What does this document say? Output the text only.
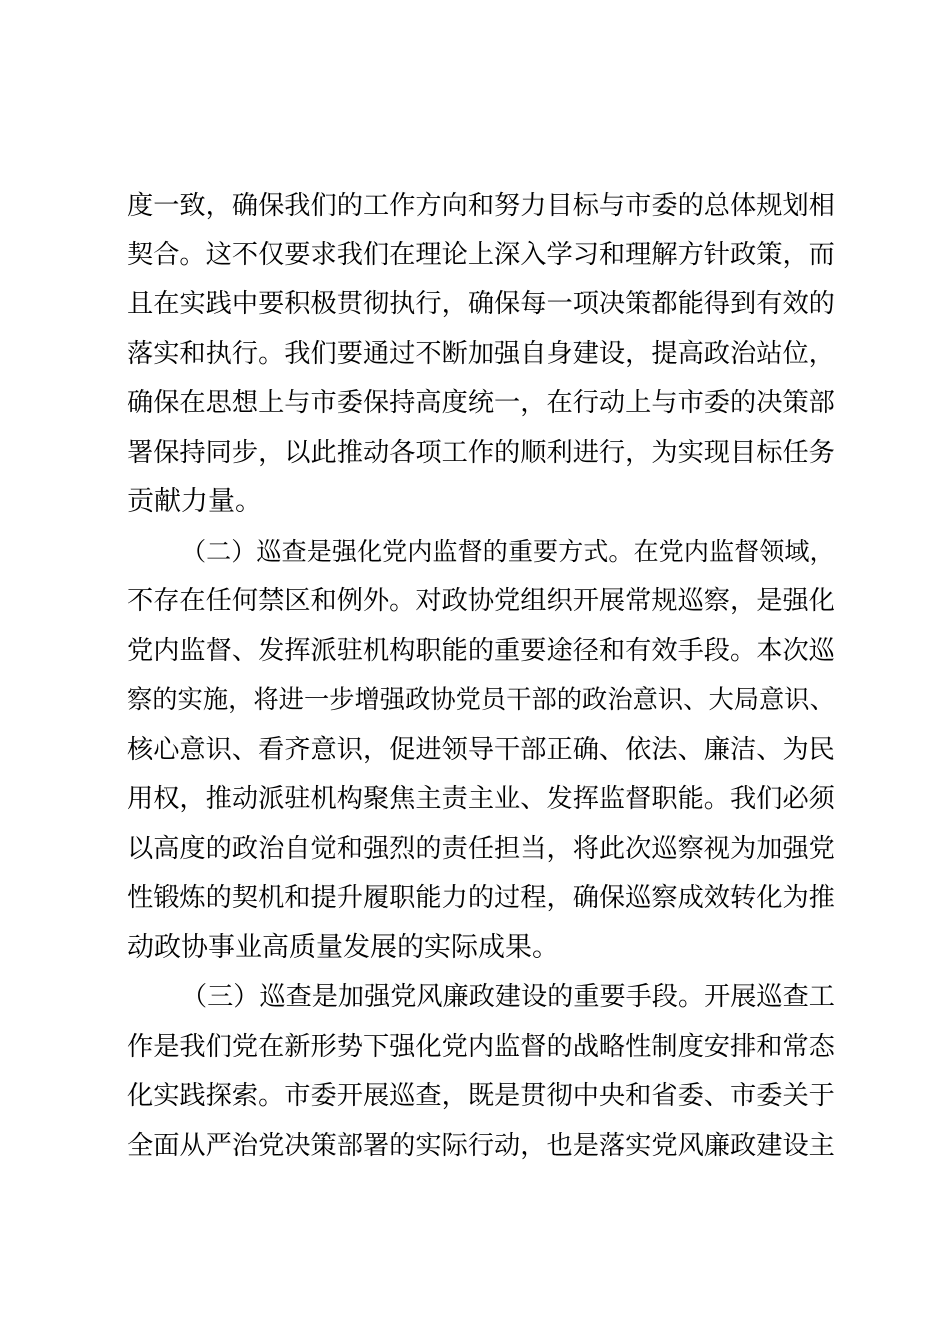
度一致，确保我们的工作方向和努力目标与市委的总体规划相
契合。这不仅要求我们在理论上深入学习和理解方针政策，而
且在实践中要积极贯彻执行，确保每一项决策都能得到有效的
落实和执行。我们要通过不断加强自身建设，提高政治站位，
确保在思想上与市委保持高度统一，在行动上与市委的决策部
署保持同步，以此推动各项工作的顺利进行，为实现目标任务
贡献力量。
（二）巡查是强化党内监督的重要方式。在党内监督领域，
不存在任何禁区和例外。对政协党组织开展常规巡察，是强化
党内监督、发挥派驻机构职能的重要途径和有效手段。本次巡
察的实施，将进一步增强政协党员干部的政治意识、大局意识、
核心意识、看齐意识，促进领导干部正确、依法、廉洁、为民
用权，推动派驻机构聚焦主责主业、发挥监督职能。我们必须
以高度的政治自觉和强烈的责任担当，将此次巡察视为加强党
性锻炼的契机和提升履职能力的过程，确保巡察成效转化为推
动政协事业高质量发展的实际成果。
（三）巡查是加强党风廉政建设的重要手段。开展巡查工
作是我们党在新形势下强化党内监督的战略性制度安排和常态
化实践探索。市委开展巡查，既是贯彻中央和省委、市委关于
全面从严治党决策部署的实际行动，也是落实党风廉政建设主
